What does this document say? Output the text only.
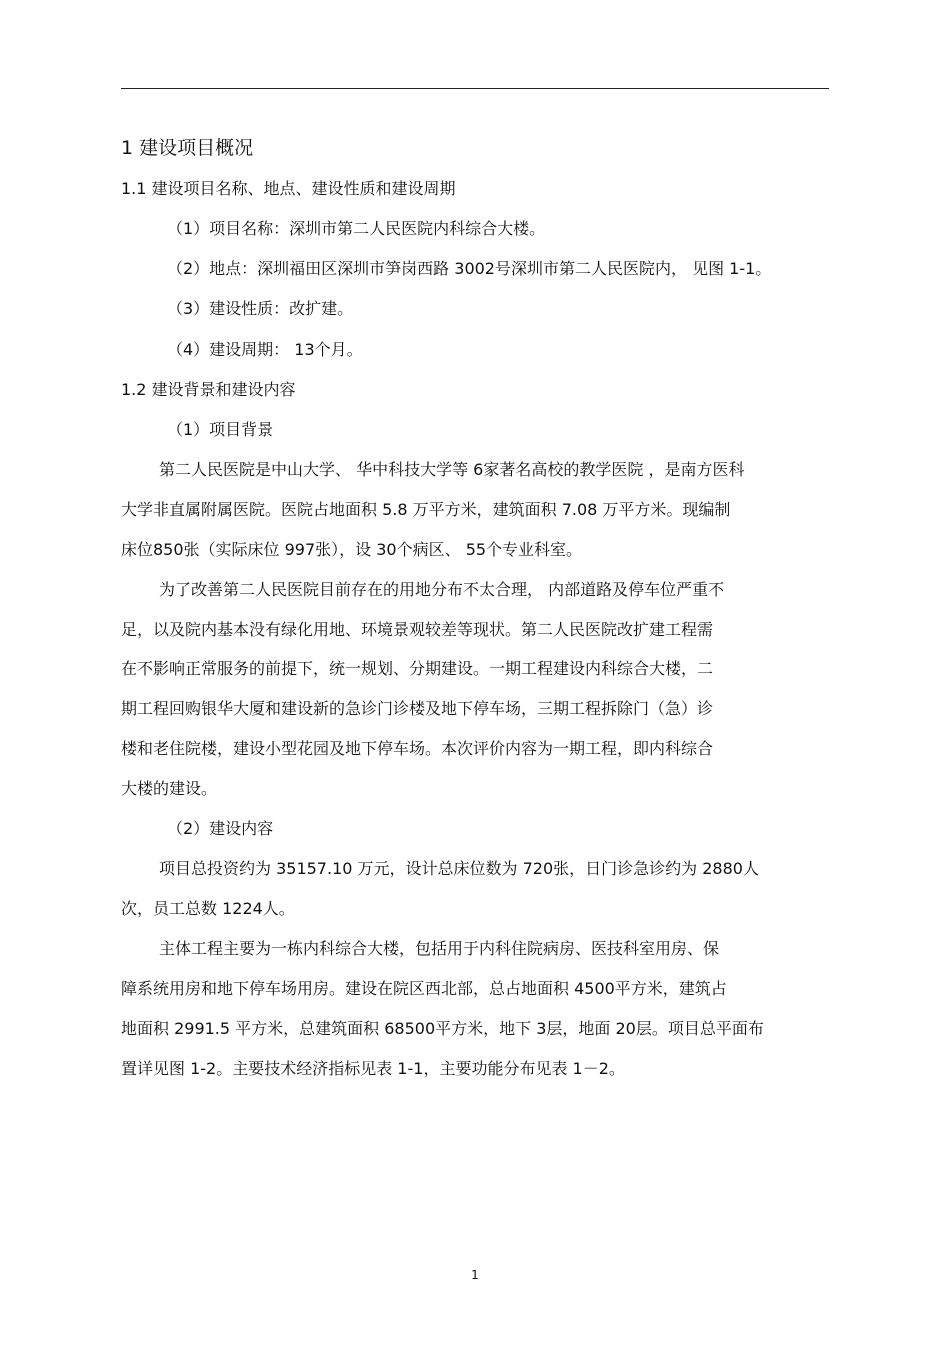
1 建设项目概况
1.1 建设项目名称、地点、建设性质和建设周期
（1）项目名称：深圳市第二人民医院内科综合大楼。
（2）地点：深圳福田区深圳市笋岗西路 3002号深圳市第二人民医院内， 见图 1-1。
（3）建设性质：改扩建。
（4）建设周期： 13个月。
1.2 建设背景和建设内容
（1）项目背景
第二人民医院是中山大学、 华中科技大学等 6家著名高校的教学医院 ，是南方医科
大学非直属附属医院。医院占地面积 5.8 万平方米，建筑面积 7.08 万平方米。现编制
床位850张（实际床位 997张），设 30个病区、 55个专业科室。
为了改善第二人民医院目前存在的用地分布不太合理， 内部道路及停车位严重不
足，以及院内基本没有绿化用地、环境景观较差等现状。第二人民医院改扩建工程需
在不影响正常服务的前提下，统一规划、分期建设。一期工程建设内科综合大楼，二
期工程回购银华大厦和建设新的急诊门诊楼及地下停车场，三期工程拆除门（急）诊
楼和老住院楼，建设小型花园及地下停车场。本次评价内容为一期工程，即内科综合
大楼的建设。
（2）建设内容
项目总投资约为 35157.10 万元，设计总床位数为 720张，日门诊急诊约为 2880人
次，员工总数 1224人。
主体工程主要为一栋内科综合大楼，包括用于内科住院病房、医技科室用房、保
障系统用房和地下停车场用房。建设在院区西北部，总占地面积 4500平方米，建筑占
地面积 2991.5 平方米，总建筑面积 68500平方米，地下 3层，地面 20层。项目总平面布
置详见图 1-2。主要技术经济指标见表 1-1，主要功能分布见表 1－2。
1
